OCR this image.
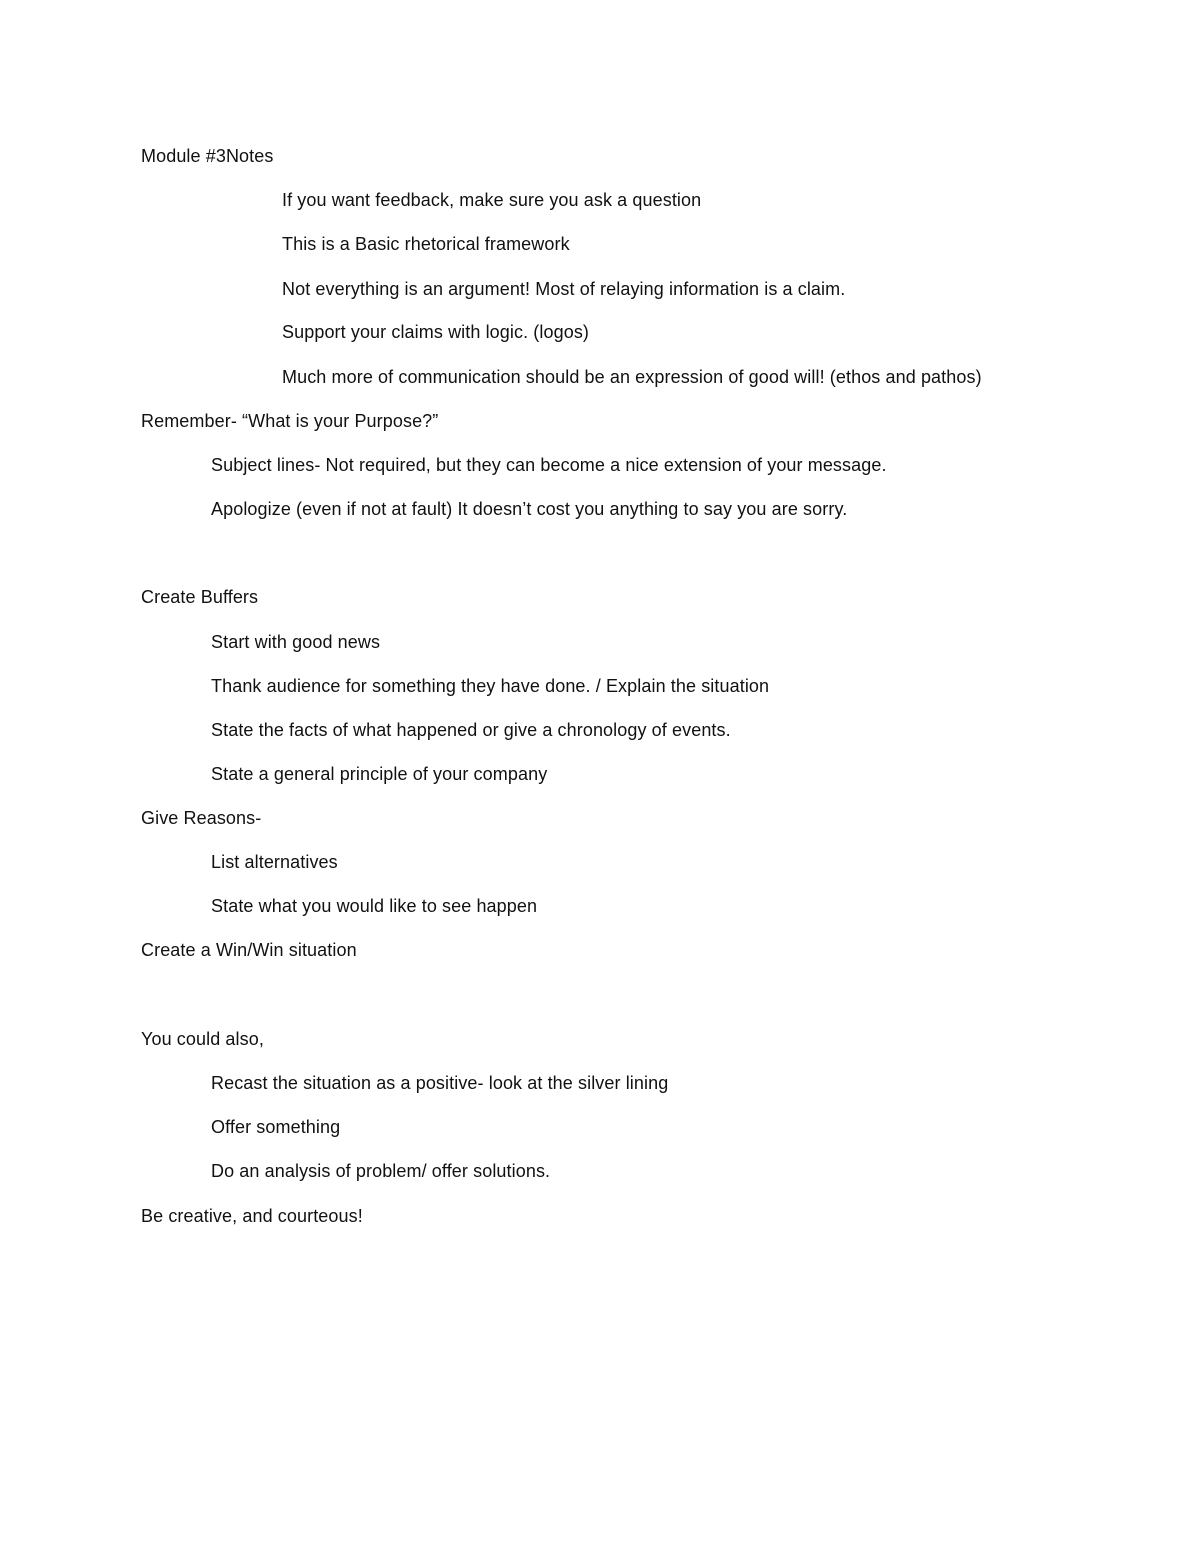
Module #3Notes
If you want feedback, make sure you ask a question
This is a Basic rhetorical framework
Not everything is an argument! Most of relaying information is a claim.
Support your claims with logic. (logos)
Much more of communication should be an expression of good will! (ethos and pathos)
Remember- “What is your Purpose?”
Subject lines- Not required, but they can become a nice extension of your message.
Apologize (even if not at fault) It doesn’t cost you anything to say you are sorry.
Create Buffers
Start with good news
Thank audience for something they have done. / Explain the situation
State the facts of what happened or give a chronology of events.
State a general principle of your company
Give Reasons-
List alternatives
State what you would like to see happen
Create a Win/Win situation
You could also,
Recast the situation as a positive- look at the silver lining
Offer something
Do an analysis of problem/ offer solutions.
Be creative, and courteous!
